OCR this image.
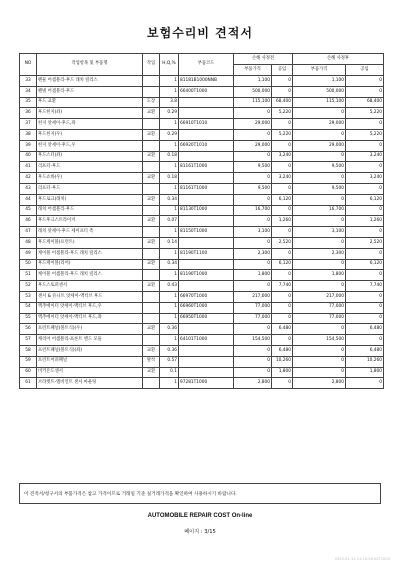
보험수리비 견적서
NO	작업항목 및 부품명	작업	H,Q,%	부품코드	손해 사정전		손해 사정후	
					부품가격	공임	부품가격	공임
33	펜듈 어셈블리-후드 래치 릴리스		1	81181B1000NNB	1,100	0	1,100	0
34	핸넬 어셈블리-후드		1	66400T1000	500,000	0	500,000	0
35	후드 교환	도장	3.8		115,100	68,400	115,100	68,400
36	후드힌지(좌)	교환	0.29		0	5,220	0	5,220
37	힌지 앗세이-후드,좌		1	66910T1010	29,000	0	29,000	0
38	후드힌지(우)	교환	0.29		0	5,220	0	5,220
39	힌지 앗세이-후드,우		1	66920T1010	29,000	0	29,000	0
40	후드스터(좌)	교환	0.18		0	3,240	0	3,240
41	리프터-후드		1	81161T1000	9,500	0	9,500	0
42	후드쇼바(우)	교환	0.18		0	3,240	0	3,240
43	리프터-후드		1	81161T1000	9,500	0	9,500	0
44	후드로크(래치)	교환	0.34		0	6,120	0	6,120
45	래치 어셈블리-후드		1	81130T1000	16,700	0	16,700	0
46	후드후크스트라이커	교환	0.07		0	1,260	0	1,260
47	래치 앗세이-후드 세이프티 측		1	81150T1000	3,100	0	3,100	0
48	후드케이블(프런트)	교환	0.14		0	2,520	0	2,520
49	케이블 어셈블리-후드 래치 릴리스		1	81190T1100	2,300	0	2,300	0
50	후드케이블(리어)	교환	0.34		0	6,120	0	6,120
51	케이블 어셈블리-후드 래치 릴리스		1	81190T1000	1,800	0	1,800	0
52	후드스토퍼센서	교환	0.43		0	7,740	0	7,740
53	센서 & 유니트 앗세이-액티브 후드		1	66970T1000	217,000	0	217,000	0
54	액추에이터 앗세이-액티브 후드,우		1	66960T1000	77,000	0	77,000	0
55	액추에이터 앗세이-액티브 후드,좌		1	66950T1000	77,000	0	77,000	0
56	프런트패널(볼트식)(우)	교환	0.36		0	6,480	0	6,480
57	캐리어 어셈블리-프론트 엔드 모듈		1	64101T1000	154,500	0	154,500	0
58	프런트패널(볼트식)(좌)	교환	0.36		0	6,480	0	6,480
59	프런트어퍼패널	탈착	0.57		0	10,260	0	10,260
60	비키온도센서	교환	0.1		0	1,800	0	1,800
61	브라켓트-앰비언트 센서 마운팅		1	97281T1000	2,800	0	2,800	0
이 견적서/청구서의 부품가격은 참고 가격이므로 거래일 기준 실거래가격을 확인하여 사용하시기 바랍니다.
AUTOMOBILE REPAIR COST On-line
페이지 : 3/15
2023-01-13 11:10:58 KST2003
